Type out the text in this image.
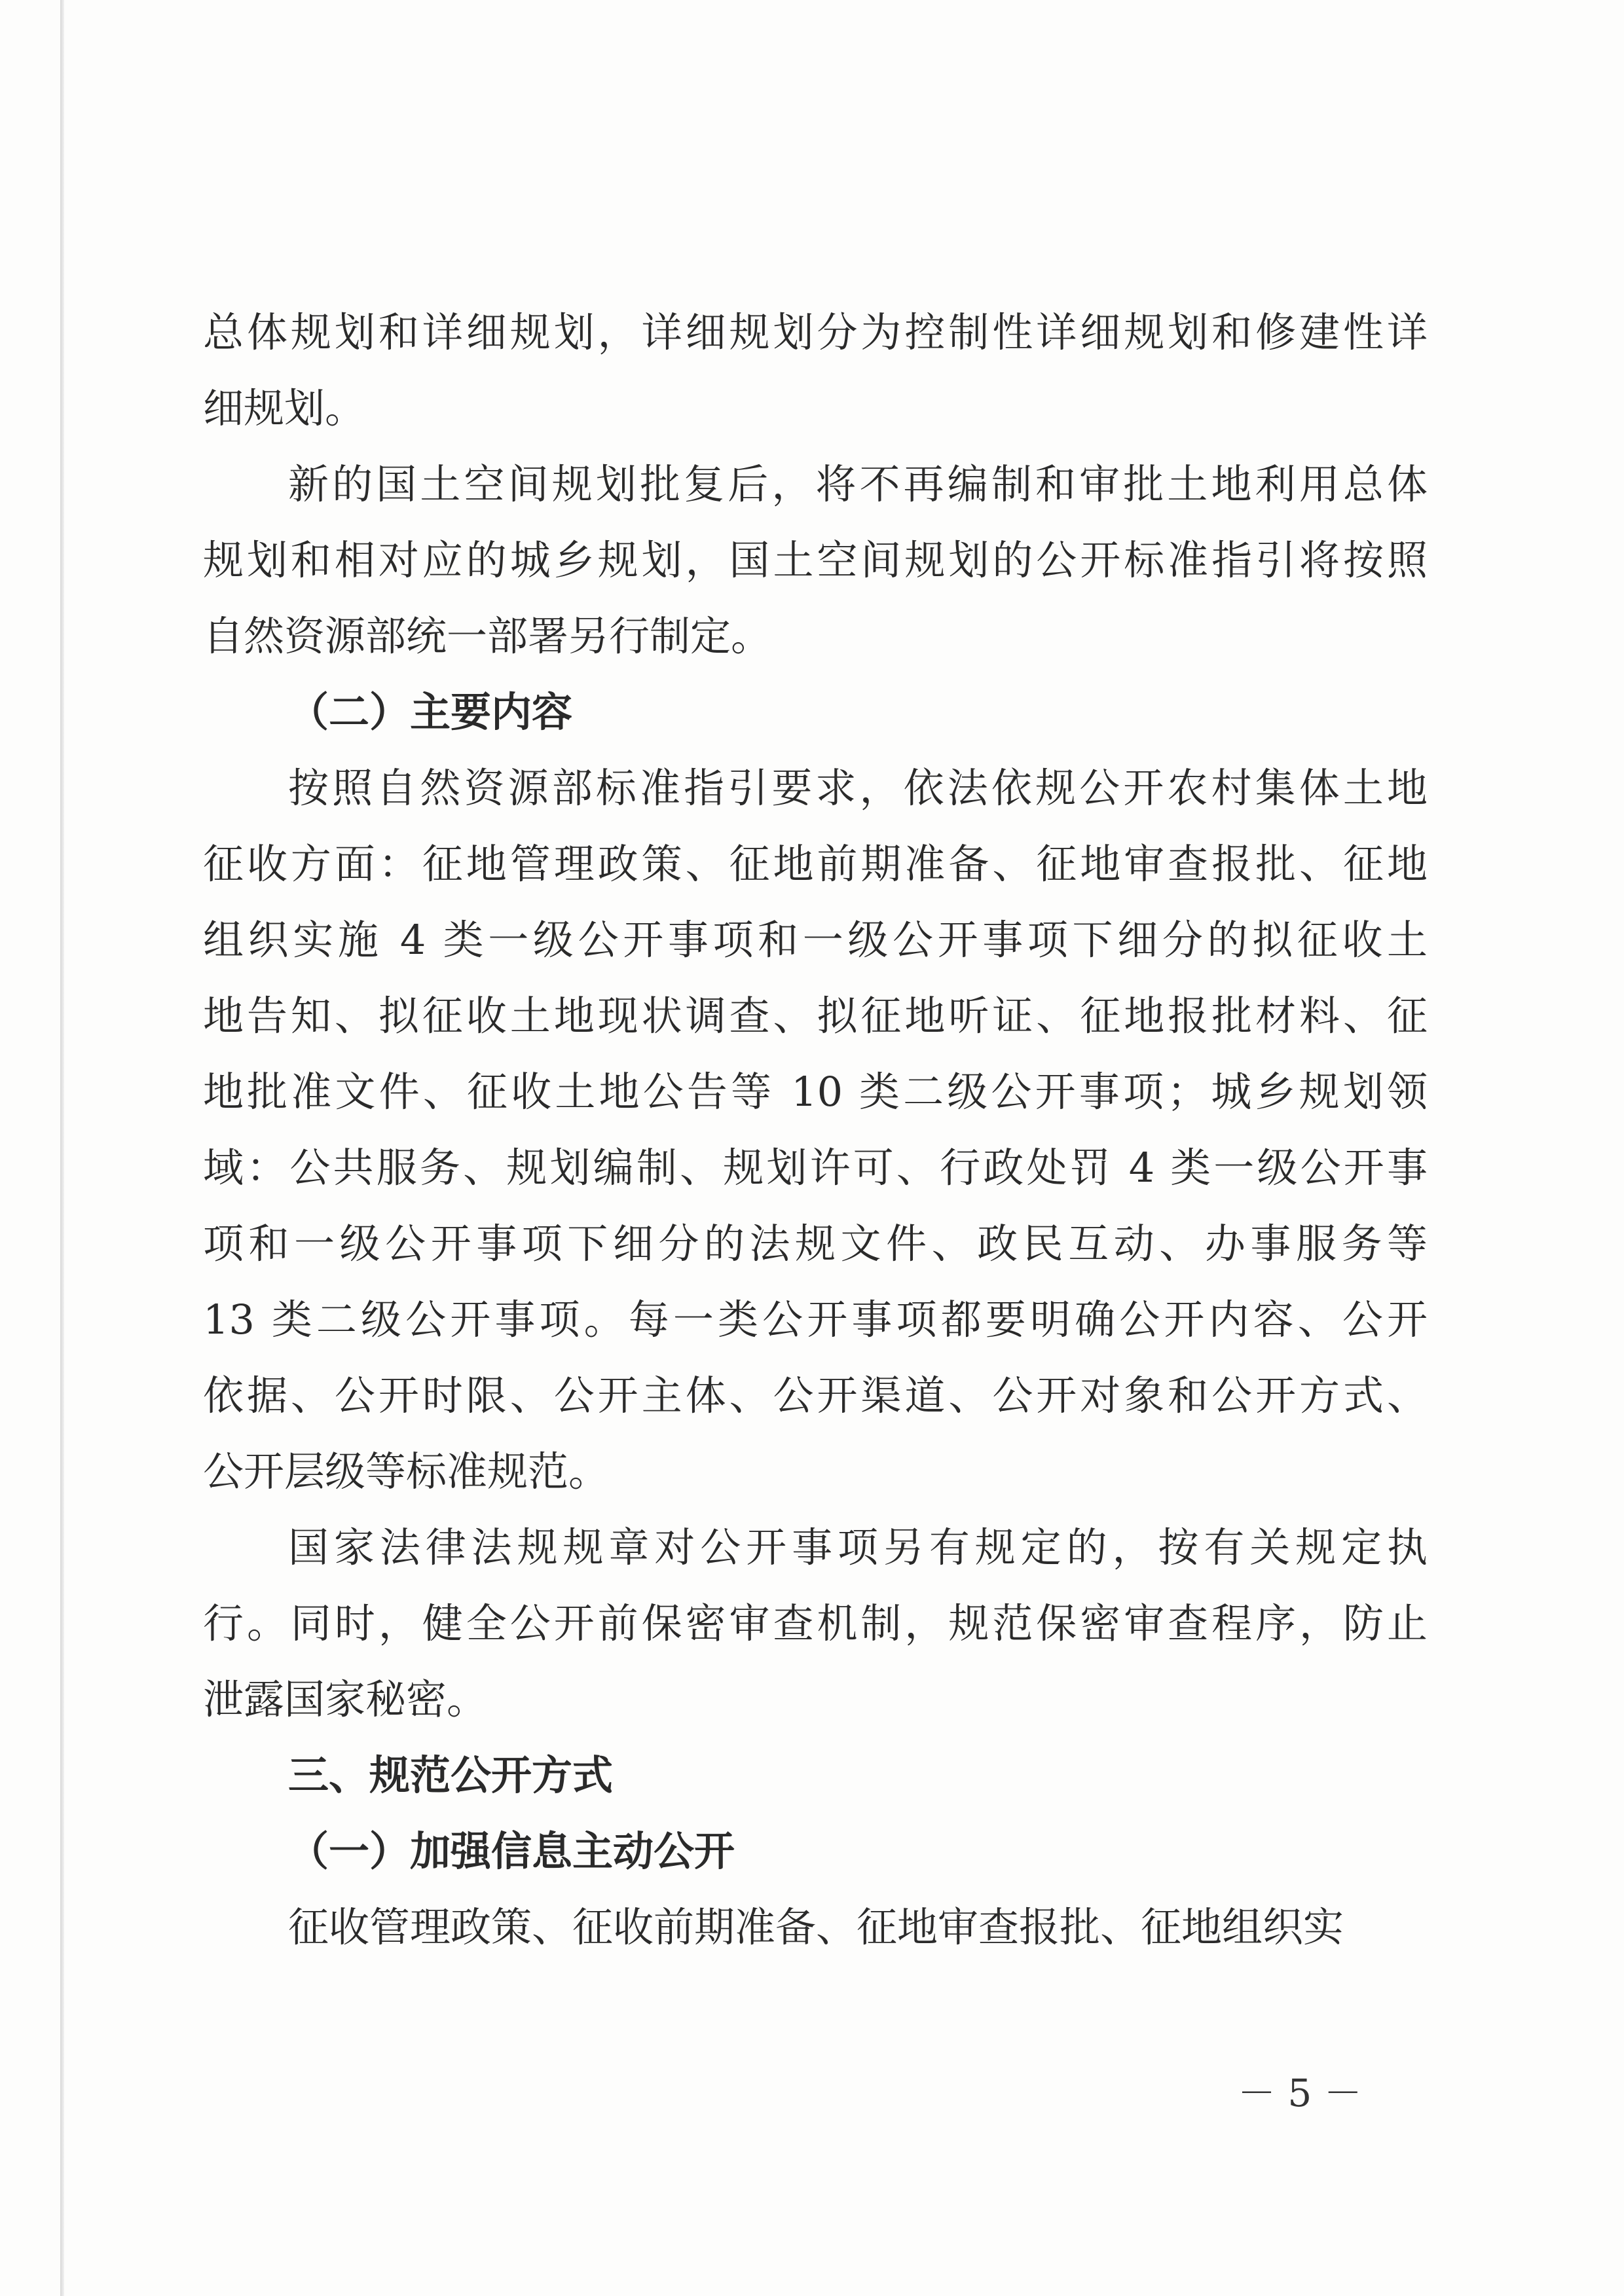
总体规划和详细规划，详细规划分为控制性详细规划和修建性详
细规划。
新的国土空间规划批复后，将不再编制和审批土地利用总体
规划和相对应的城乡规划，国土空间规划的公开标准指引将按照
自然资源部统一部署另行制定。
（二）主要内容
按照自然资源部标准指引要求，依法依规公开农村集体土地
征收方面：征地管理政策、征地前期准备、征地审查报批、征地
组织实施 4 类一级公开事项和一级公开事项下细分的拟征收土
地告知、拟征收土地现状调查、拟征地听证、征地报批材料、征
地批准文件、征收土地公告等 10 类二级公开事项；城乡规划领
域：公共服务、规划编制、规划许可、行政处罚 4 类一级公开事
项和一级公开事项下细分的法规文件、政民互动、办事服务等
13 类二级公开事项。每一类公开事项都要明确公开内容、公开
依据、公开时限、公开主体、公开渠道、公开对象和公开方式、
公开层级等标准规范。
国家法律法规规章对公开事项另有规定的，按有关规定执
行。同时，健全公开前保密审查机制，规范保密审查程序，防止
泄露国家秘密。
三、规范公开方式
（一）加强信息主动公开
征收管理政策、征收前期准备、征地审查报批、征地组织实
－ 5 －
